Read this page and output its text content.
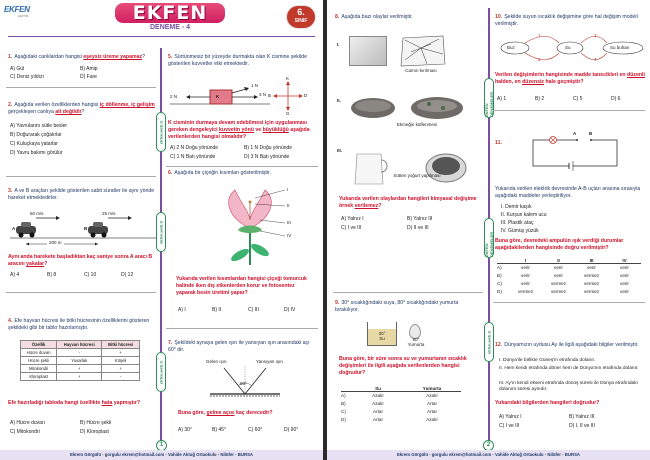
EKFEN
EĞİTİM	EKFEN
DENEME - 4
6.
SINIF
ekfen.web.tr
ekfen.web.tr
ekfen.web.tr
1. Aşağıdaki canlılardan hangisi eşeysiz üreme yapamaz?
A) Gül	B) Amip
C) Deniz yıldızı	D) Fare
2. Aşağıda verilen özelliklerden hangisi iç döllenme, iç gelişim gerçekleşen canlıya ait değildir?
A) Yavrularını sütle besler
B) Doğurarak çoğalırlar
C) Kuluçkaya yatarlar
D) Yavru bakımı görülür
3. A ve B araçları şekilde gösterilen sabit süratler ile aynı yönde hareket etmektedirler.
A	B
50 m/s	25 m/s
200 m
Aynı anda harekete başladıktan kaç saniye sonra A aracı B aracını yakalar?
A) 4	B) 8	C) 10	D) 12
4. Efe hayvan hücresi ile bitki hücresinin özelliklerini gösteren şekildeki gibi bir tablo hazırlamıştır.
Özellik	Hayvan hücresi	Bitki hücresi
Hücre duvarı	-	+
Hücre şekli	Yuvarlak	Köşeli
Mitokondri	+	+
Kloroplast	+	-
Efe hazırladığı tabloda hangi özellikte hata yapmıştır?
A) Hücre duvarı	B) Hücre şekli
C) Mitokondri	D) Kloroplast
5. Sürtünmesiz bir yüzeyde durmakta olan K cismine şekilde gösterilen kuvvetler etki etmektedir.
2 N	3 N
1 N
K
K
G
D
B
K cisminin durmaya devam edebilmesi için uygulanması gereken dengeleyici kuvvetin yönü ve büyüklüğü aşağıda verilenlerden hangisi olmalıdır?
A) 2 N Doğu yönünde	B) 1 N Doğu yönünde
C) 1 N Batı yönünde	D) 3 N Batı yönünde
6. Aşağıda bir çiçeğin kısımları gösterilmiştir.
I
II
III
IV
Yukarıda verilen kısımlardan hangisi çiçeği tomurcuk halinde iken dış etkenlerden korur ve fotosentez yaparak besin üretimi yapar?
A) I	B) II	C) III	D) IV
7. Şekildeki aynaya gelen ışın ile yansıyan ışın arasındaki açı 60° dir.
Gelen ışın	Yansıyan ışın
60°
Buna göre, gelme açısı kaç derecedir?
A) 30°	B) 45°	C) 60°	D) 90°
1
Ekrem Görgülü - gorgulu ekrem@hotmail.com - Vahide Aktuğ Ortaokulu - Nilüfer - BURSA
EKFEN DENEMELER
EKFEN DENEMELER
ekfen.web.tr
8. Aşağıda bazı olaylar verilmiştir.
I.
Camın kırılması
II.
Ekmeğin küflenmesi
III.
Sütten yoğurt yapılması
Yukarıda verilen olaylardan hangileri kimyasal değişime örnek verilemez?
A) Yalnız I	B) Yalnız III
C) I ve III	D) II ve III
9. 30° sıcaklığındaki suya, 80° sıcaklığındaki yumurta bırakılıyor.
30°
Su	80°
Yumurta
Buna göre, bir süre sonra su ve yumurtanın sıcaklık değişimleri ile ilgili aşağıda verilenlerden hangisi doğrudur?
Su	Yumurta
A)	Azalır	Azalır
B)	Azalır	Artar
C)	Artar	Artar
D)	Artar	Azalır
10. Şekilde suyun sıcaklık değişimine göre hal değişim modeli verilmiştir.
Buz	Su	Su buharı
1
2
3
4
Verilen değişimlerin hangisinde madde tanecikleri en düzenli halden, en düzensiz hale geçmiştir?
A) 1	B) 2	C) 5	D) 6
11.
A	B
Yukarıda verilen elektrik devresinde A-B uçları arasına sırasıyla aşağıdaki maddeler yerleştiriliyor.
I. Demir kaşık
II. Kurşun kalem ucu
III. Plastik ataç
IV. Gümüş yüzük
Buna göre, devredeki ampulün ışık verdiği durumlar aşağıdakilerden hangisinde doğru verilmiştir?
I	II	III	IV
A)	verir	verir	verir	verir
B)	verir	verir	vermez	verir
C)	verir	vermez	vermez	verir
D)	vermez	vermez	vermez	verir
12. Dünyamızın uydusu Ay ile ilgili aşağıdaki bilgiler verilmiştir.
I. Dünya'ile birlikte Güneş'in etrafında dolanır.
II. Hem kendi etrafında döner hem de Dünya'nın etrafında dolanır.
III. Ay'ın kendi ekseni etrafında dönüş süresi ile Dünya etrafındaki dolanım süresi aynıdır.
Yukarıdaki bilgilerden hangileri doğrudur?
A) Yalnız I	B) Yalnız III
C) I ve III	D) I, II ve III
2
Ekrem Görgülü - gorgulu ekrem@hotmail.com - Vahide Aktuğ Ortaokulu - Nilüfer - BURSA
